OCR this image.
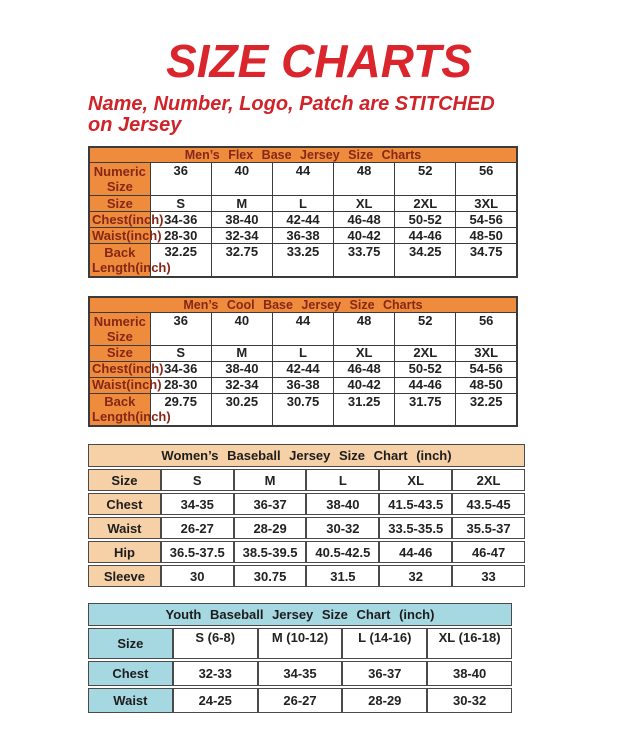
SIZE CHARTS
Name, Number, Logo, Patch are STITCHED
on Jersey
Men’s Flex Base Jersey Size Charts						
Numeric Size	36	40	44	48	52	56
Size	S	M	L	XL	2XL	3XL
Chest(inch)	34-36	38-40	42-44	46-48	50-52	54-56
Waist(inch)	28-30	32-34	36-38	40-42	44-46	48-50
Back Length(inch)	32.25	32.75	33.25	33.75	34.25	34.75
Men’s Cool Base Jersey Size Charts						
Numeric Size	36	40	44	48	52	56
Size	S	M	L	XL	2XL	3XL
Chest(inch)	34-36	38-40	42-44	46-48	50-52	54-56
Waist(inch)	28-30	32-34	36-38	40-42	44-46	48-50
Back Length(inch)	29.75	30.25	30.75	31.25	31.75	32.25
Women’s Baseball Jersey Size Chart (inch)					
Size	S	M	L	XL	2XL
Chest	34-35	36-37	38-40	41.5-43.5	43.5-45
Waist	26-27	28-29	30-32	33.5-35.5	35.5-37
Hip	36.5-37.5	38.5-39.5	40.5-42.5	44-46	46-47
Sleeve	30	30.75	31.5	32	33
Youth Baseball Jersey Size Chart (inch)				
Size	S (6-8)	M (10-12)	L (14-16)	XL (16-18)
Chest	32-33	34-35	36-37	38-40
Waist	24-25	26-27	28-29	30-32
